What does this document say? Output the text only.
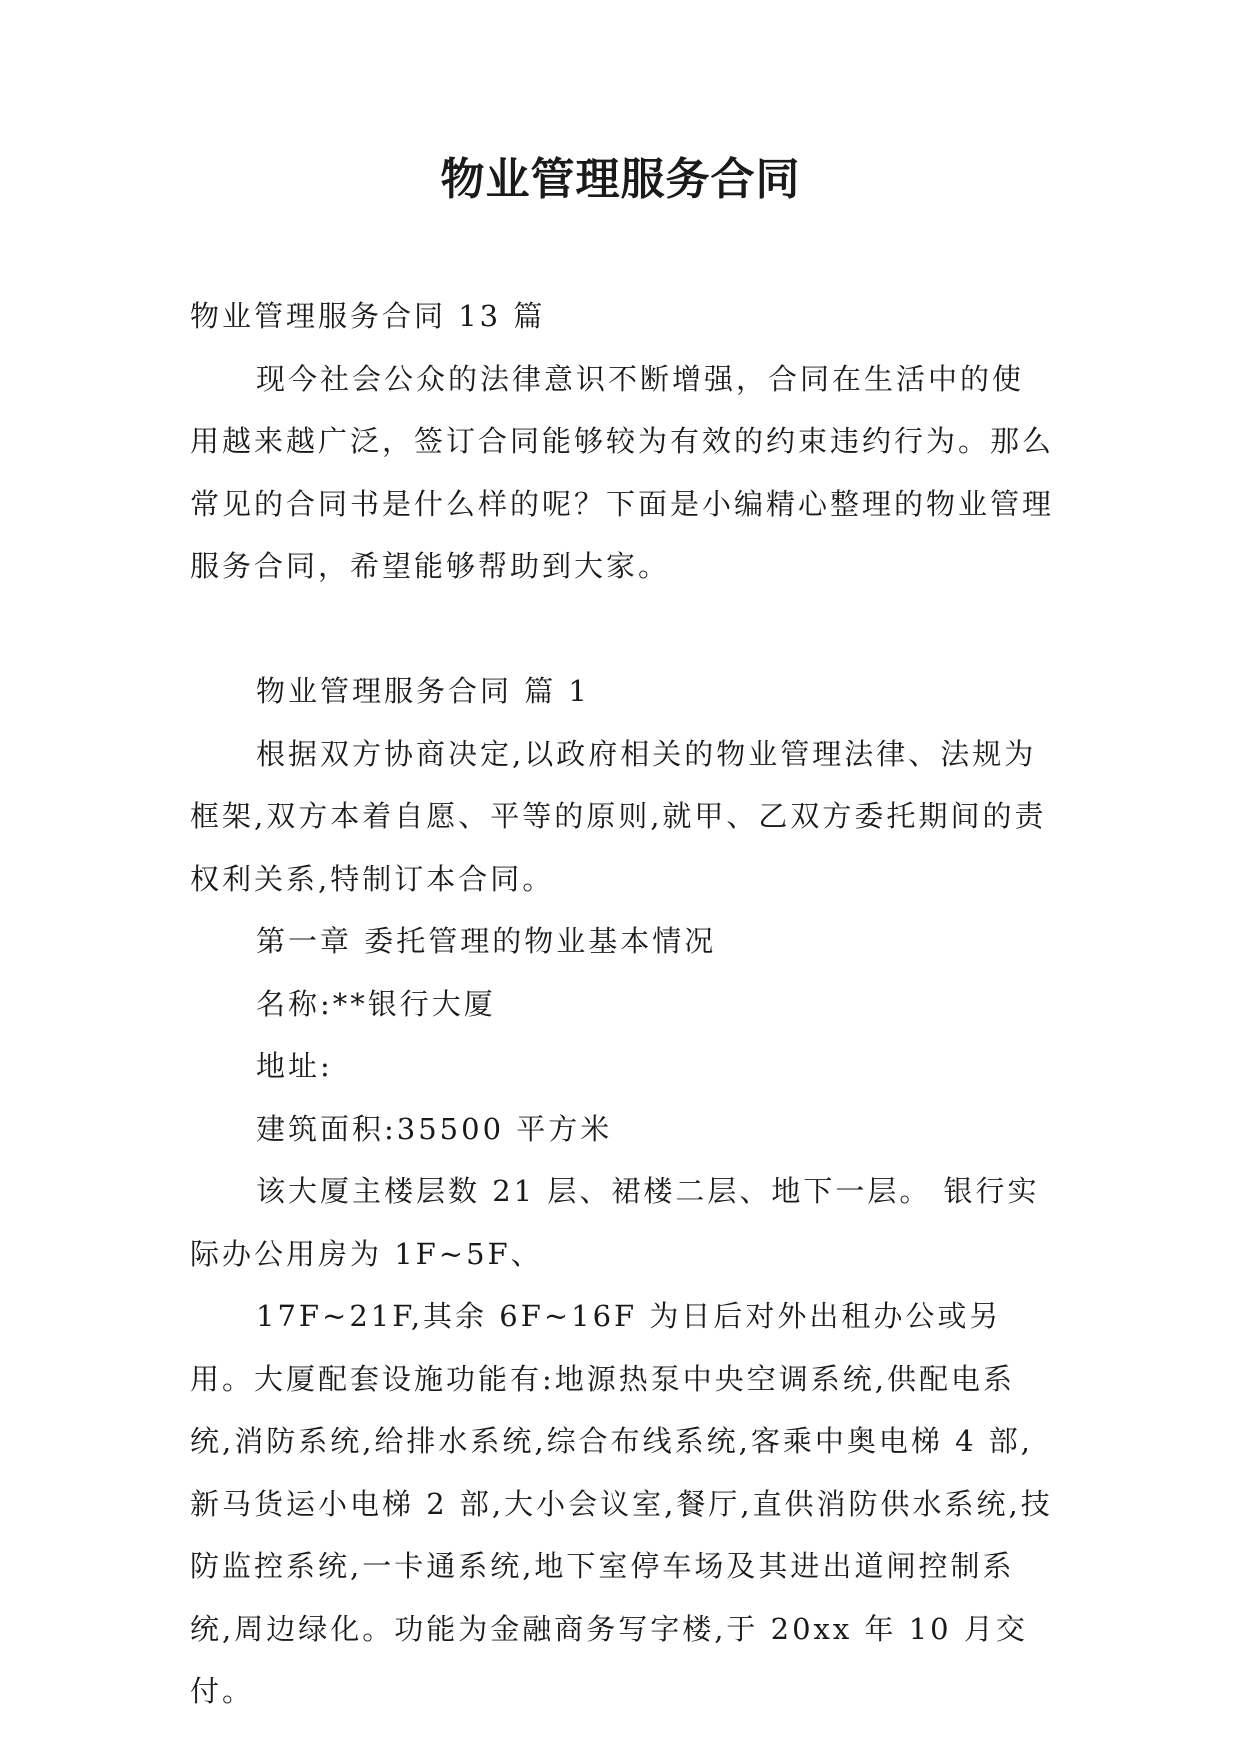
物业管理服务合同

物业管理服务合同 13 篇

现今社会公众的法律意识不断增强，合同在生活中的使用越来越广泛，签订合同能够较为有效的约束违约行为。那么常见的合同书是什么样的呢？下面是小编精心整理的物业管理服务合同，希望能够帮助到大家。

物业管理服务合同 篇 1

根据双方协商决定,以政府相关的物业管理法律、法规为框架,双方本着自愿、平等的原则,就甲、乙双方委托期间的责权利关系,特制订本合同。

第一章 委托管理的物业基本情况

名称:**银行大厦

地址:

建筑面积:35500 平方米

该大厦主楼层数 21 层、裙楼二层、地下一层。 银行实际办公用房为 1F~5F、

17F~21F,其余 6F~16F 为日后对外出租办公或另用。大厦配套设施功能有:地源热泵中央空调系统,供配电系统,消防系统,给排水系统,综合布线系统,客乘中奥电梯 4 部,新马货运小电梯 2 部,大小会议室,餐厅,直供消防供水系统,技防监控系统,一卡通系统,地下室停车场及其进出道闸控制系统,周边绿化。功能为金融商务写字楼,于 20xx 年 10 月交付。
